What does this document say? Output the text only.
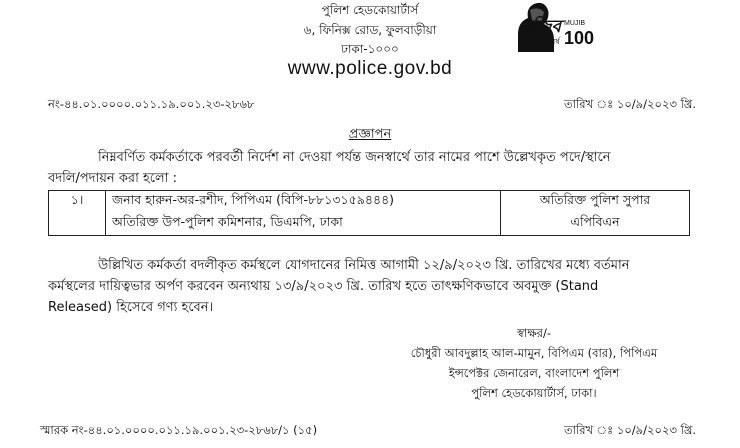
পুলিশ হেডকোয়ার্টার্স
৬, ফিনিক্স রোড, ফুলবাড়ীয়া
ঢাকা-১০০০
www.police.gov.bd
মুজিব
শতবর্ষ
MUJIB
100
নং-৪৪.০১.০০০০.০১১.১৯.০০১.২৩-২৮৬৮	তারিখ ঃ ১০/৯/২০২৩ খ্রি.
প্রজ্ঞাপন
নিম্নবর্ণিত কর্মকর্তাকে পরবর্তী নির্দেশ না দেওয়া পর্যন্ত জনস্বার্থে তার নামের পাশে উল্লেখকৃত পদে/স্থানে
বদলি/পদায়ন করা হলো :
১।	জনাব হারুন-অর-রশীদ, পিপিএম (বিপি-৮৮১৩১৫৯৪৪৪)	অতিরিক্ত পুলিশ সুপার
	অতিরিক্ত উপ-পুলিশ কমিশনার, ডিএমপি, ঢাকা	এপিবিএন
উল্লিখিত কর্মকর্তা বদলীকৃত কর্মস্থলে যোগদানের নিমিত্ত আগামী ১২/৯/২০২৩ খ্রি. তারিখের মধ্যে বর্তমান
কর্মস্থলের দায়িত্বভার অর্পণ করবেন অন্যথায় ১৩/৯/২০২৩ খ্রি. তারিখ হতে তাৎক্ষণিকভাবে অবমুক্ত (Stand
Released) হিসেবে গণ্য হবেন।
স্বাক্ষর/-
চৌধুরী আবদুল্লাহ আল-মামুন, বিপিএম (বার), পিপিএম
ইন্সপেক্টর জেনারেল, বাংলাদেশ পুলিশ
পুলিশ হেডকোয়ার্টার্স, ঢাকা।
স্মারক নং-৪৪.০১.০০০০.০১১.১৯.০০১.২৩-২৮৬৮/১ (১৫)	তারিখ ঃ ১০/৯/২০২৩ খ্রি.
